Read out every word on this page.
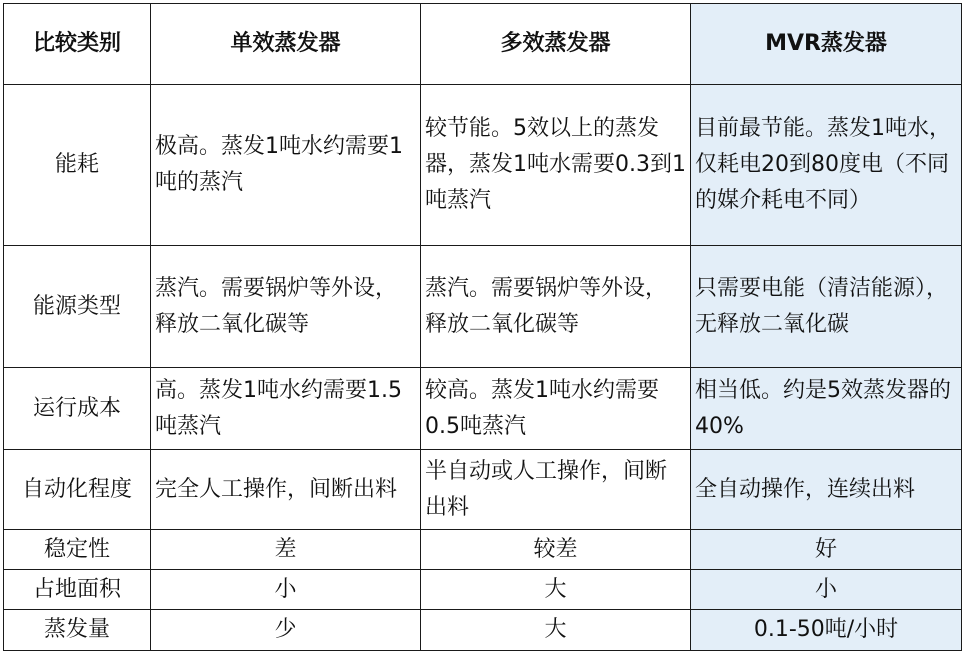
比较类别	单效蒸发器	多效蒸发器	MVR蒸发器
能耗	极高。蒸发1吨水约需要1吨的蒸汽	较节能。5效以上的蒸发器，蒸发1吨水需要0.3到1吨蒸汽	目前最节能。蒸发1吨水，仅耗电20到80度电（不同的媒介耗电不同）
能源类型	蒸汽。需要锅炉等外设，释放二氧化碳等	蒸汽。需要锅炉等外设，释放二氧化碳等	只需要电能（清洁能源），无释放二氧化碳
运行成本	高。蒸发1吨水约需要1.5吨蒸汽	较高。蒸发1吨水约需要0.5吨蒸汽	相当低。约是5效蒸发器的40%
自动化程度	完全人工操作，间断出料	半自动或人工操作，间断出料	全自动操作，连续出料
稳定性	差	较差	好
占地面积	小	大	小
蒸发量	少	大	0.1-50吨/小时
